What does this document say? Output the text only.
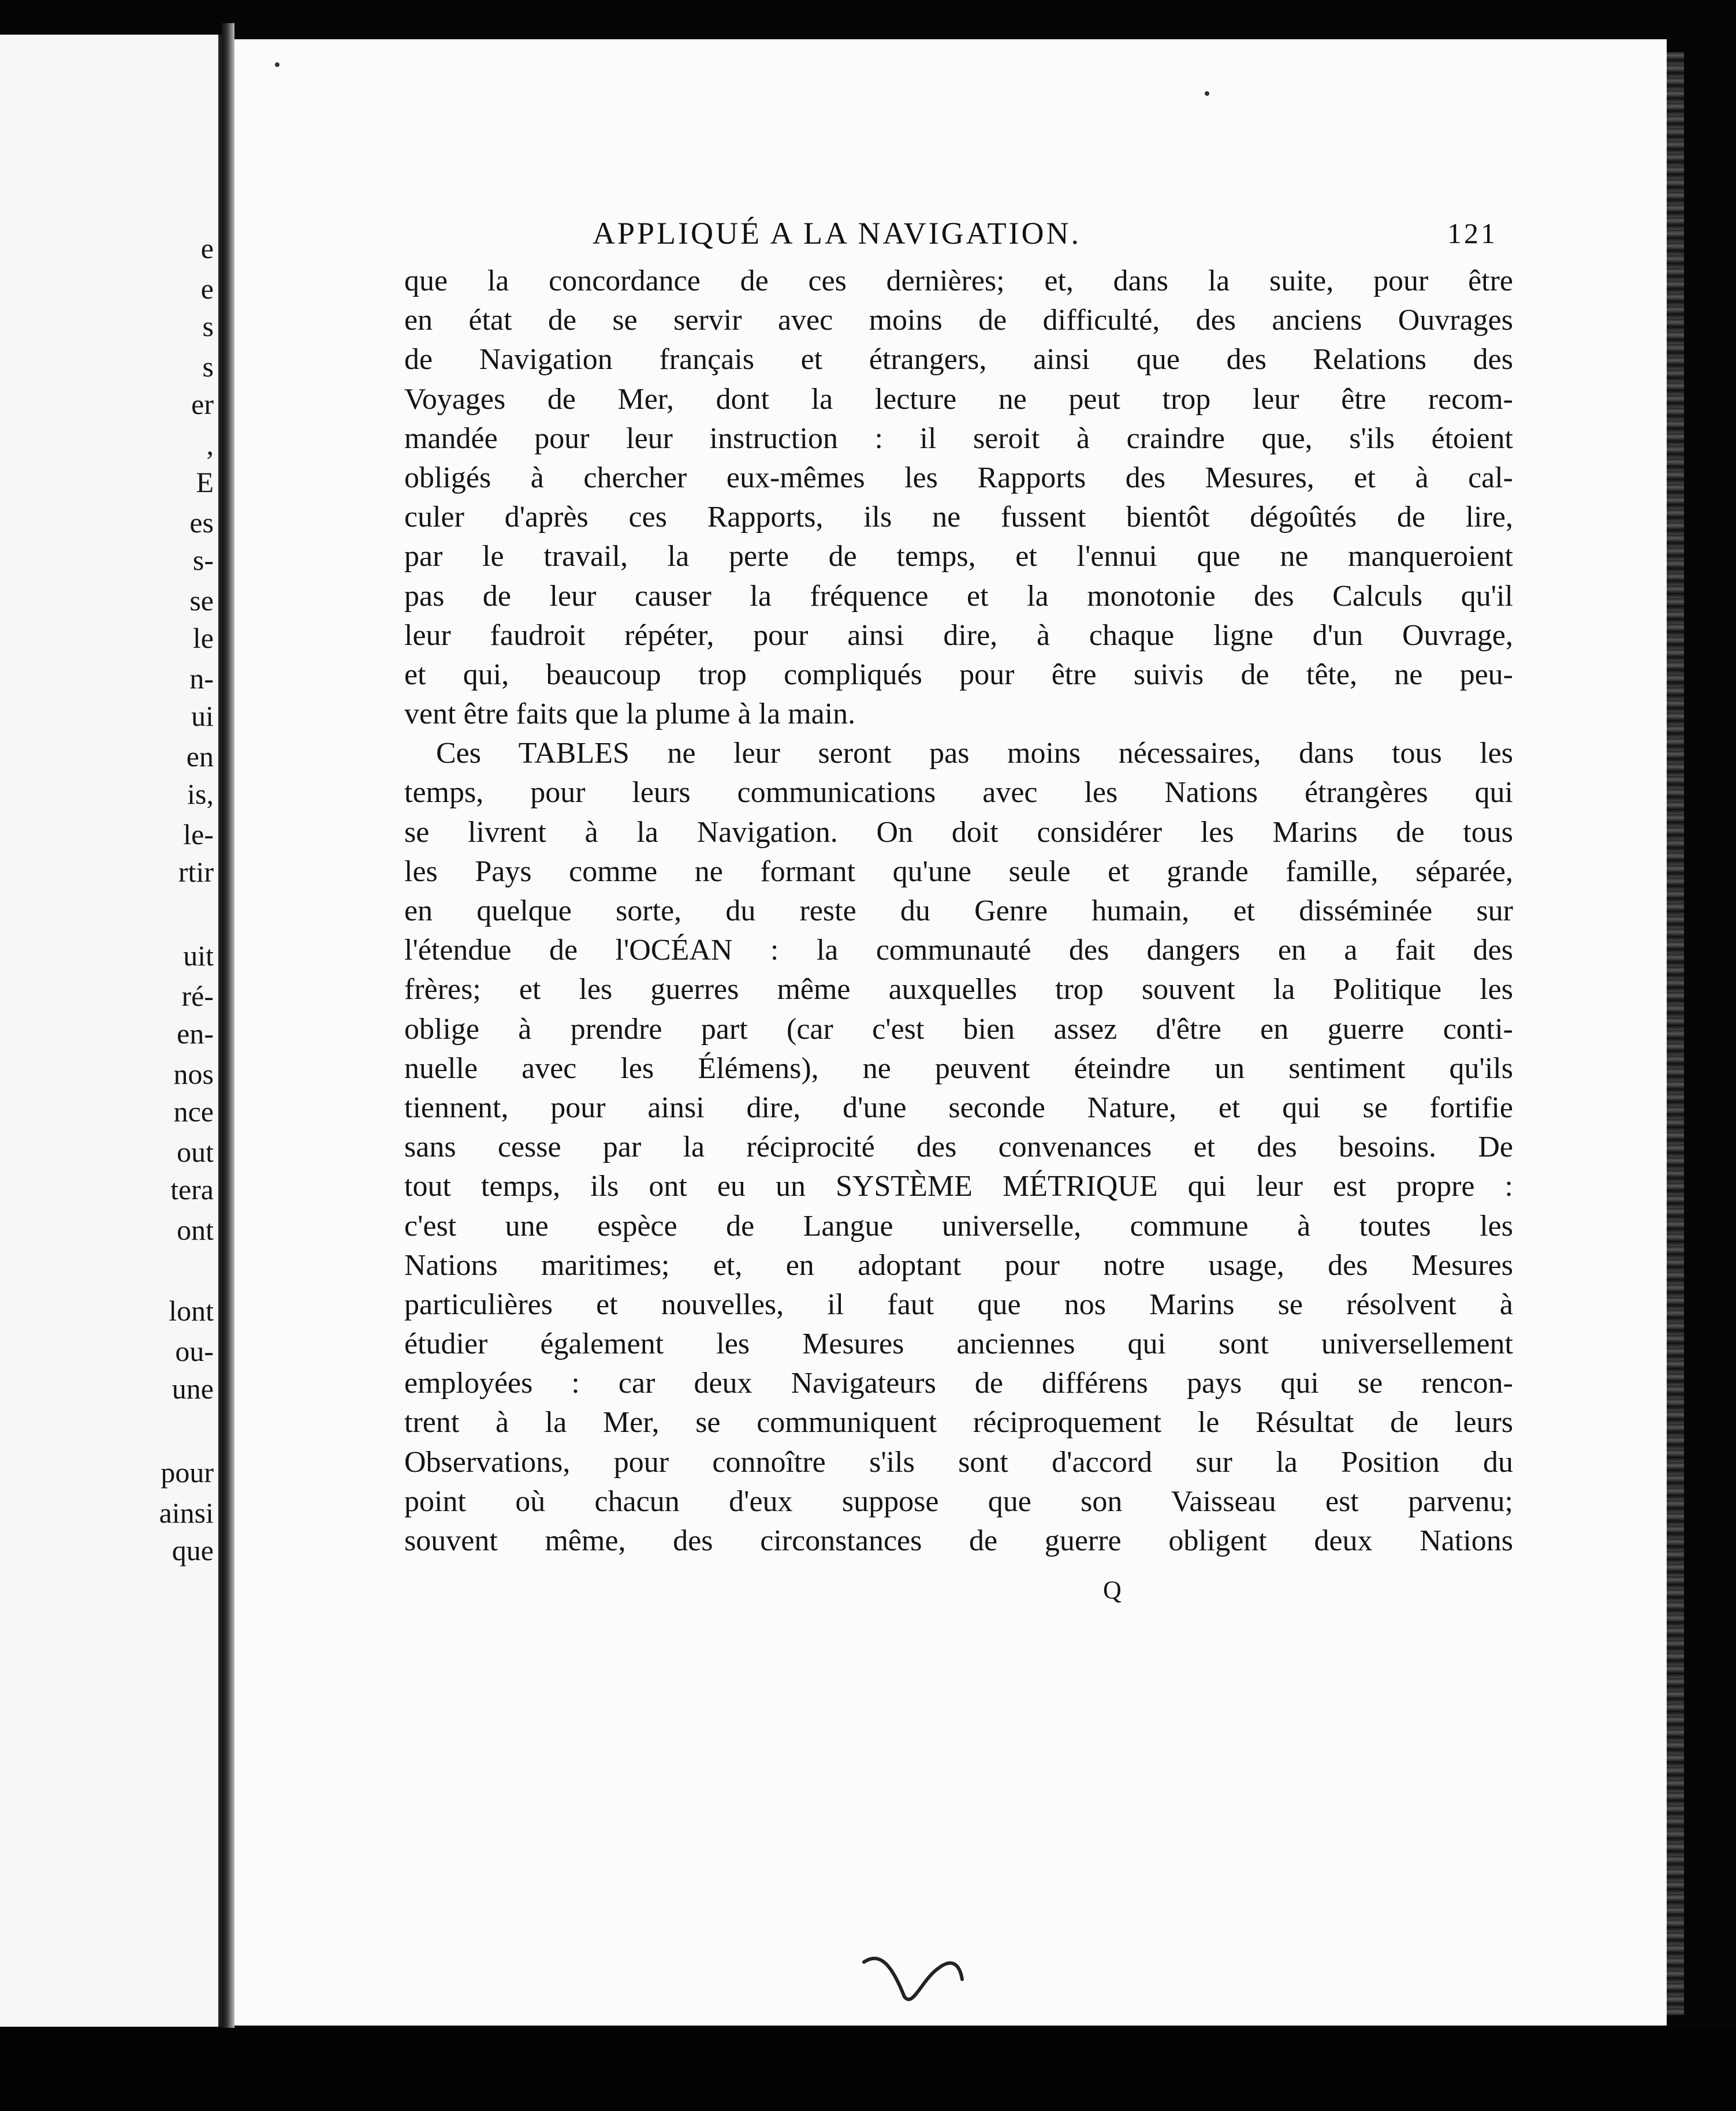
e
e
s
s
er
,
E
es
s-
se
le
n-
ui
en
is,
le-
rtir
uit
ré-
en-
nos
nce
out
tera
ont
lont
ou-
une
pour
ainsi
que
APPLIQUÉ A LA NAVIGATION.	121
que la concordance de ces dernières; et, dans la suite, pour être
en état de se servir avec moins de difficulté, des anciens Ouvrages
de Navigation français et étrangers, ainsi que des Relations des
Voyages de Mer, dont la lecture ne peut trop leur être recom-
mandée pour leur instruction : il seroit à craindre que, s'ils étoient
obligés à chercher eux-mêmes les Rapports des Mesures, et à cal-
culer d'après ces Rapports, ils ne fussent bientôt dégoûtés de lire,
par le travail, la perte de temps, et l'ennui que ne manqueroient
pas de leur causer la fréquence et la monotonie des Calculs qu'il
leur faudroit répéter, pour ainsi dire, à chaque ligne d'un Ouvrage,
et qui, beaucoup trop compliqués pour être suivis de tête, ne peu-
vent être faits que la plume à la main.
Ces TABLES ne leur seront pas moins nécessaires, dans tous les
temps, pour leurs communications avec les Nations étrangères qui
se livrent à la Navigation. On doit considérer les Marins de tous
les Pays comme ne formant qu'une seule et grande famille, séparée,
en quelque sorte, du reste du Genre humain, et disséminée sur
l'étendue de l'OCÉAN : la communauté des dangers en a fait des
frères; et les guerres même auxquelles trop souvent la Politique les
oblige à prendre part (car c'est bien assez d'être en guerre conti-
nuelle avec les Élémens), ne peuvent éteindre un sentiment qu'ils
tiennent, pour ainsi dire, d'une seconde Nature, et qui se fortifie
sans cesse par la réciprocité des convenances et des besoins. De
tout temps, ils ont eu un SYSTÈME MÉTRIQUE qui leur est propre :
c'est une espèce de Langue universelle, commune à toutes les
Nations maritimes; et, en adoptant pour notre usage, des Mesures
particulières et nouvelles, il faut que nos Marins se résolvent à
étudier également les Mesures anciennes qui sont universellement
employées : car deux Navigateurs de différens pays qui se rencon-
trent à la Mer, se communiquent réciproquement le Résultat de leurs
Observations, pour connoître s'ils sont d'accord sur la Position du
point où chacun d'eux suppose que son Vaisseau est parvenu;
souvent même, des circonstances de guerre obligent deux Nations
Q
